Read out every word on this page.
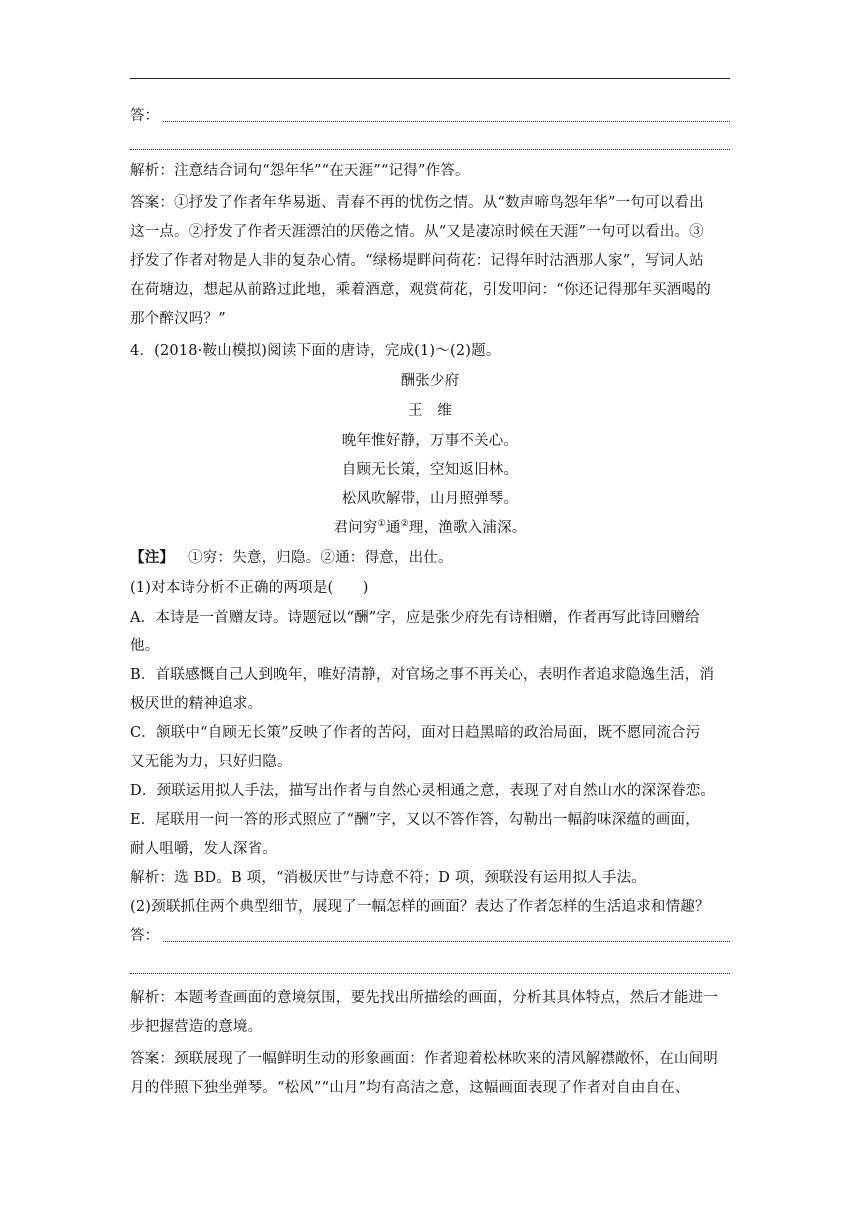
答：
解析：注意结合词句“怨年华”“在天涯”“记得”作答。
答案：①抒发了作者年华易逝、青春不再的忧伤之情。从“数声啼鸟怨年华”一句可以看出
这一点。②抒发了作者天涯漂泊的厌倦之情。从“又是凄凉时候在天涯”一句可以看出。③
抒发了作者对物是人非的复杂心情。“绿杨堤畔问荷花：记得年时沽酒那人家”，写词人站
在荷塘边，想起从前路过此地，乘着酒意，观赏荷花，引发叩问：“你还记得那年买酒喝的
那个醉汉吗？”
4．(2018·鞍山模拟)阅读下面的唐诗，完成(1)～(2)题。
酬张少府
王　维
晚年惟好静，万事不关心。
自顾无长策，空知返旧林。
松风吹解带，山月照弹琴。
君问穷①通②理，渔歌入浦深。
【注】 ①穷：失意，归隐。②通：得意，出仕。
(1)对本诗分析不正确的两项是(　　)
A．本诗是一首赠友诗。诗题冠以“酬”字，应是张少府先有诗相赠，作者再写此诗回赠给
他。
B．首联感慨自己人到晚年，唯好清静，对官场之事不再关心，表明作者追求隐逸生活，消
极厌世的精神追求。
C．颔联中“自顾无长策”反映了作者的苦闷，面对日趋黑暗的政治局面，既不愿同流合污
又无能为力，只好归隐。
D．颈联运用拟人手法，描写出作者与自然心灵相通之意，表现了对自然山水的深深眷恋。
E．尾联用一问一答的形式照应了“酬”字，又以不答作答，勾勒出一幅韵味深蕴的画面，
耐人咀嚼，发人深省。
解析：选 BD。B 项，“消极厌世”与诗意不符；D 项，颈联没有运用拟人手法。
(2)颈联抓住两个典型细节，展现了一幅怎样的画面？表达了作者怎样的生活追求和情趣？
答：
解析：本题考查画面的意境氛围，要先找出所描绘的画面，分析其具体特点，然后才能进一
步把握营造的意境。
答案：颈联展现了一幅鲜明生动的形象画面：作者迎着松林吹来的清风解襟敞怀，在山间明
月的伴照下独坐弹琴。“松风”“山月”均有高洁之意，这幅画面表现了作者对自由自在、
